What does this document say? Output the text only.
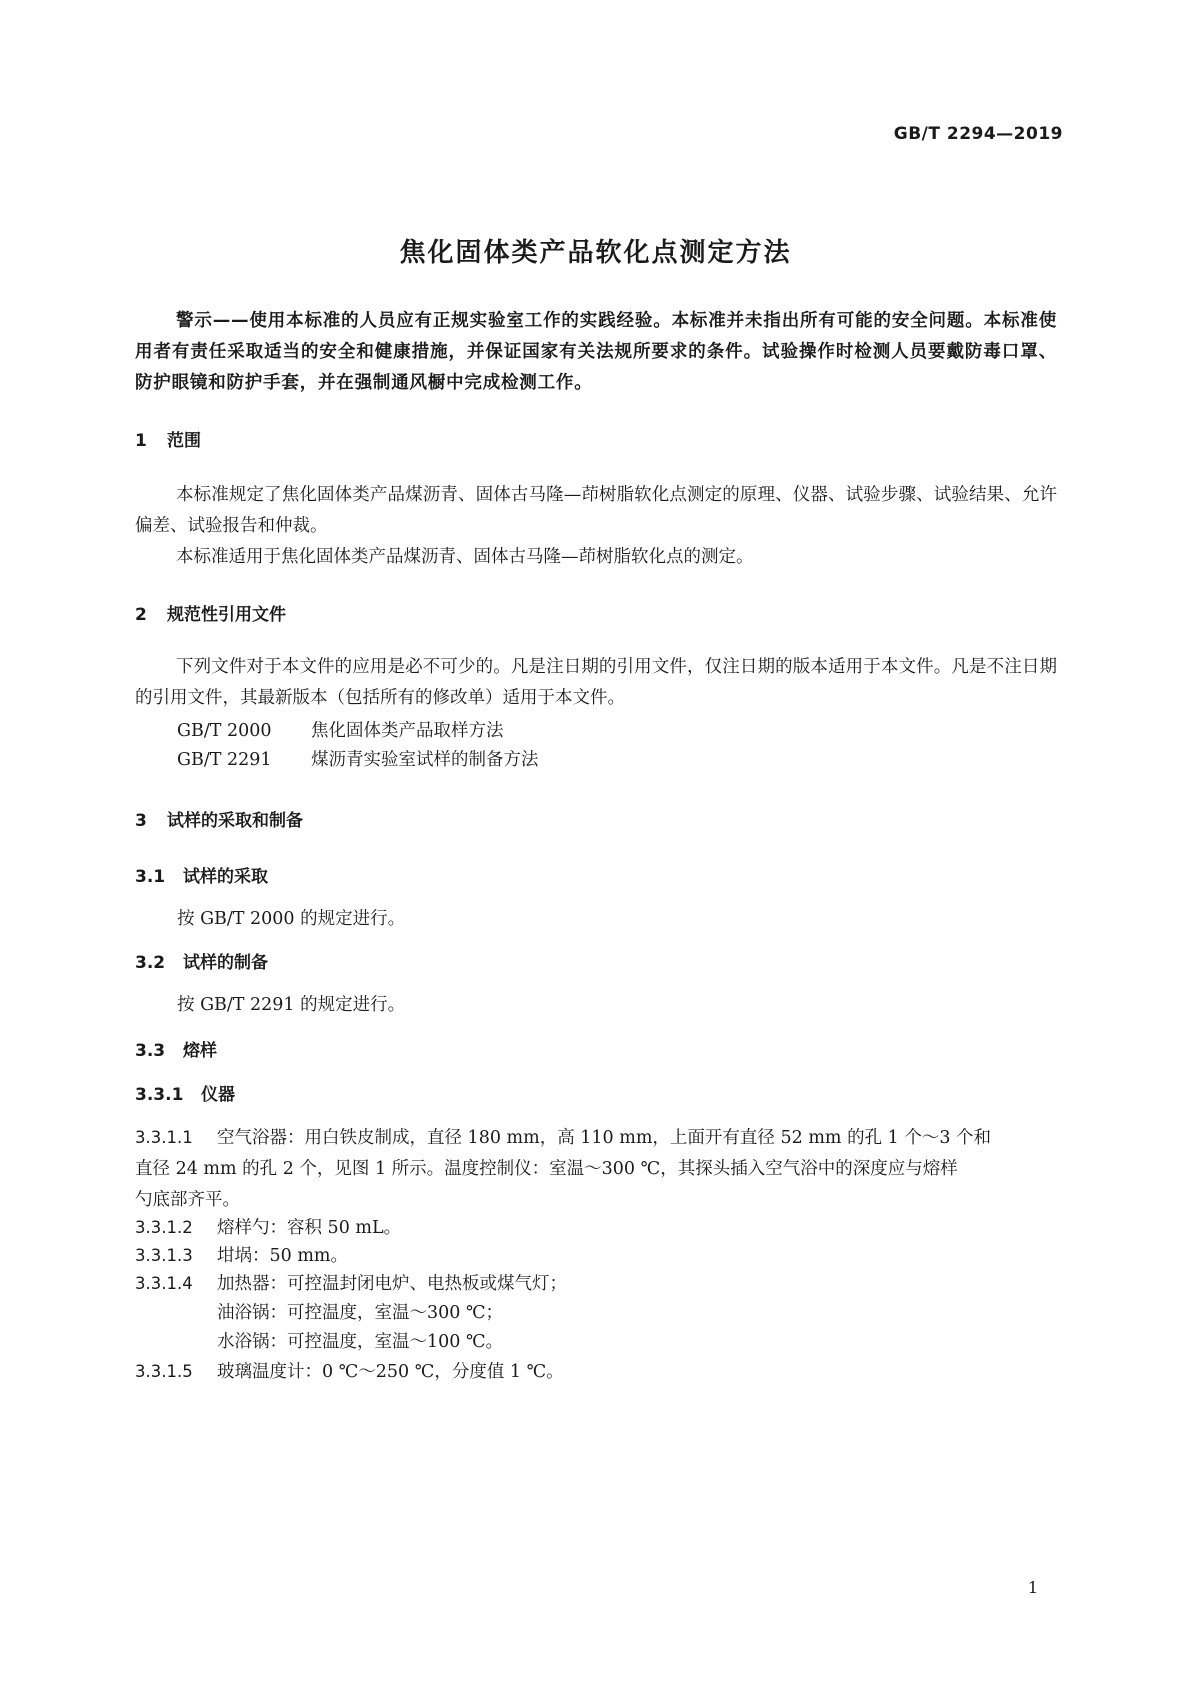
GB/T 2294—2019
焦化固体类产品软化点测定方法

警示——使用本标准的人员应有正规实验室工作的实践经验。本标准并未指出所有可能的安全问题。本标准使用者有责任采取适当的安全和健康措施，并保证国家有关法规所要求的条件。试验操作时检测人员要戴防毒口罩、防护眼镜和防护手套，并在强制通风橱中完成检测工作。

1 范围

本标准规定了焦化固体类产品煤沥青、固体古马隆—茚树脂软化点测定的原理、仪器、试验步骤、试验结果、允许偏差、试验报告和仲裁。

本标准适用于焦化固体类产品煤沥青、固体古马隆—茚树脂软化点的测定。

2 规范性引用文件

下列文件对于本文件的应用是必不可少的。凡是注日期的引用文件，仅注日期的版本适用于本文件。凡是不注日期的引用文件，其最新版本（包括所有的修改单）适用于本文件。

GB/T 2000 焦化固体类产品取样方法
GB/T 2291 煤沥青实验室试样的制备方法
3 试样的采取和制备
3.1 试样的采取
按 GB/T 2000 的规定进行。
3.2 试样的制备
按 GB/T 2291 的规定进行。
3.3 熔样
3.3.1 仪器
3.3.1.1 空气浴器：用白铁皮制成，直径 180 mm，高 110 mm，上面开有直径 52 mm 的孔 1 个～3 个和
直径 24 mm 的孔 2 个，见图 1 所示。温度控制仪：室温～300 ℃，其探头插入空气浴中的深度应与熔样
勺底部齐平。
3.3.1.2 熔样勺：容积 50 mL。
3.3.1.3 坩埚：50 mm。
3.3.1.4 加热器：可控温封闭电炉、电热板或煤气灯；
油浴锅：可控温度，室温～300 ℃；
水浴锅：可控温度，室温～100 ℃。
3.3.1.5 玻璃温度计：0 ℃～250 ℃，分度值 1 ℃。
1
